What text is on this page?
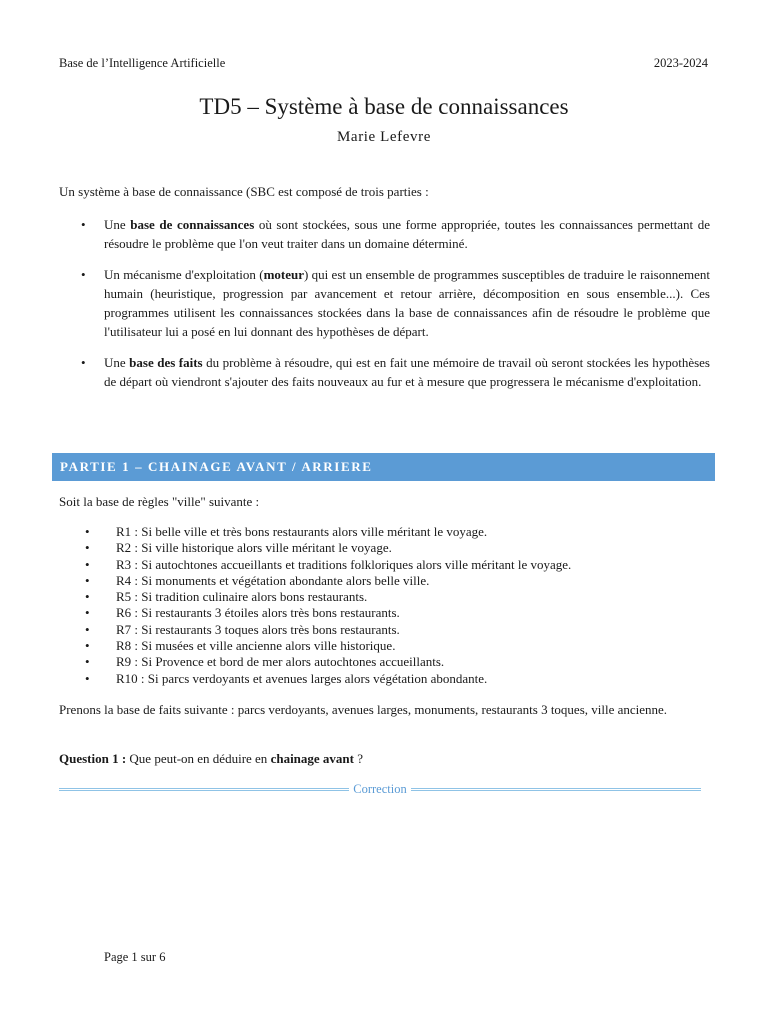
Base de l’Intelligence Artificielle	2023-2024
TD5 – Système à base de connaissances
Marie Lefevre
Un système à base de connaissance (SBC est composé de trois parties :
• Une base de connaissances où sont stockées, sous une forme appropriée, toutes les connaissances permettant de résoudre le problème que l'on veut traiter dans un domaine déterminé.
• Un mécanisme d'exploitation (moteur) qui est un ensemble de programmes susceptibles de traduire le raisonnement humain (heuristique, progression par avancement et retour arrière, décomposition en sous ensemble...). Ces programmes utilisent les connaissances stockées dans la base de connaissances afin de résoudre le problème que l'utilisateur lui a posé en lui donnant des hypothèses de départ.
• Une base des faits du problème à résoudre, qui est en fait une mémoire de travail où seront stockées les hypothèses de départ où viendront s'ajouter des faits nouveaux au fur et à mesure que progressera le mécanisme d'exploitation.
PARTIE 1 – CHAINAGE AVANT / ARRIERE
Soit la base de règles "ville" suivante :
• R1 : Si belle ville et très bons restaurants alors ville méritant le voyage.
• R2 : Si ville historique alors ville méritant le voyage.
• R3 : Si autochtones accueillants et traditions folkloriques alors ville méritant le voyage.
• R4 : Si monuments et végétation abondante alors belle ville.
• R5 : Si tradition culinaire alors bons restaurants.
• R6 : Si restaurants 3 étoiles alors très bons restaurants.
• R7 : Si restaurants 3 toques alors très bons restaurants.
• R8 : Si musées et ville ancienne alors ville historique.
• R9 : Si Provence et bord de mer alors autochtones accueillants.
• R10 : Si parcs verdoyants et avenues larges alors végétation abondante.
Prenons la base de faits suivante : parcs verdoyants, avenues larges, monuments, restaurants 3 toques, ville ancienne.
Question 1 : Que peut-on en déduire en chainage avant ?
Correction
Page 1 sur 6
